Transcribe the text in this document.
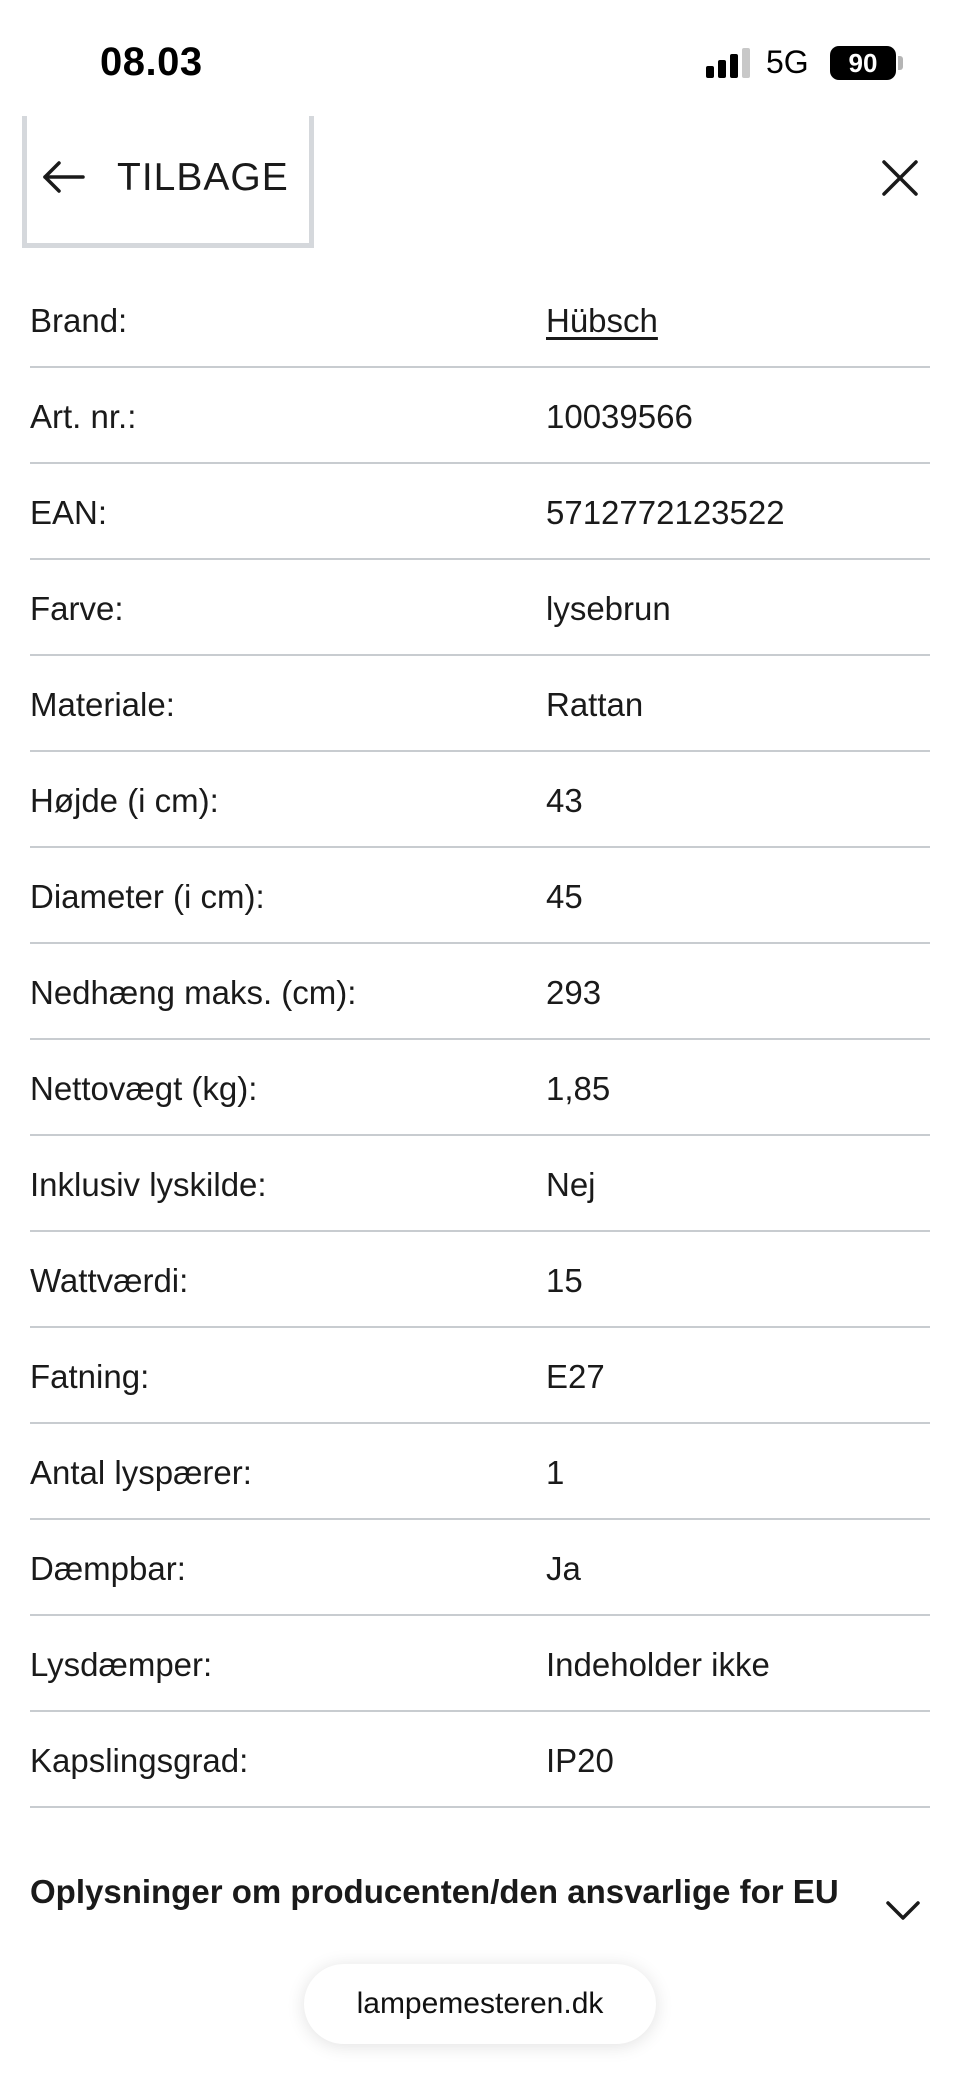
08.03	5G	90
TILBAGE
Brand:	Hübsch
Art. nr.:	10039566
EAN:	5712772123522
Farve:	lysebrun
Materiale:	Rattan
Højde (i cm):	43
Diameter (i cm):	45
Nedhæng maks. (cm):	293
Nettovægt (kg):	1,85
Inklusiv lyskilde:	Nej
Wattværdi:	15
Fatning:	E27
Antal lyspærer:	1
Dæmpbar:	Ja
Lysdæmper:	Indeholder ikke
Kapslingsgrad:	IP20
Oplysninger om producenten/den ansvarlige for EU
lampemesteren.dk
